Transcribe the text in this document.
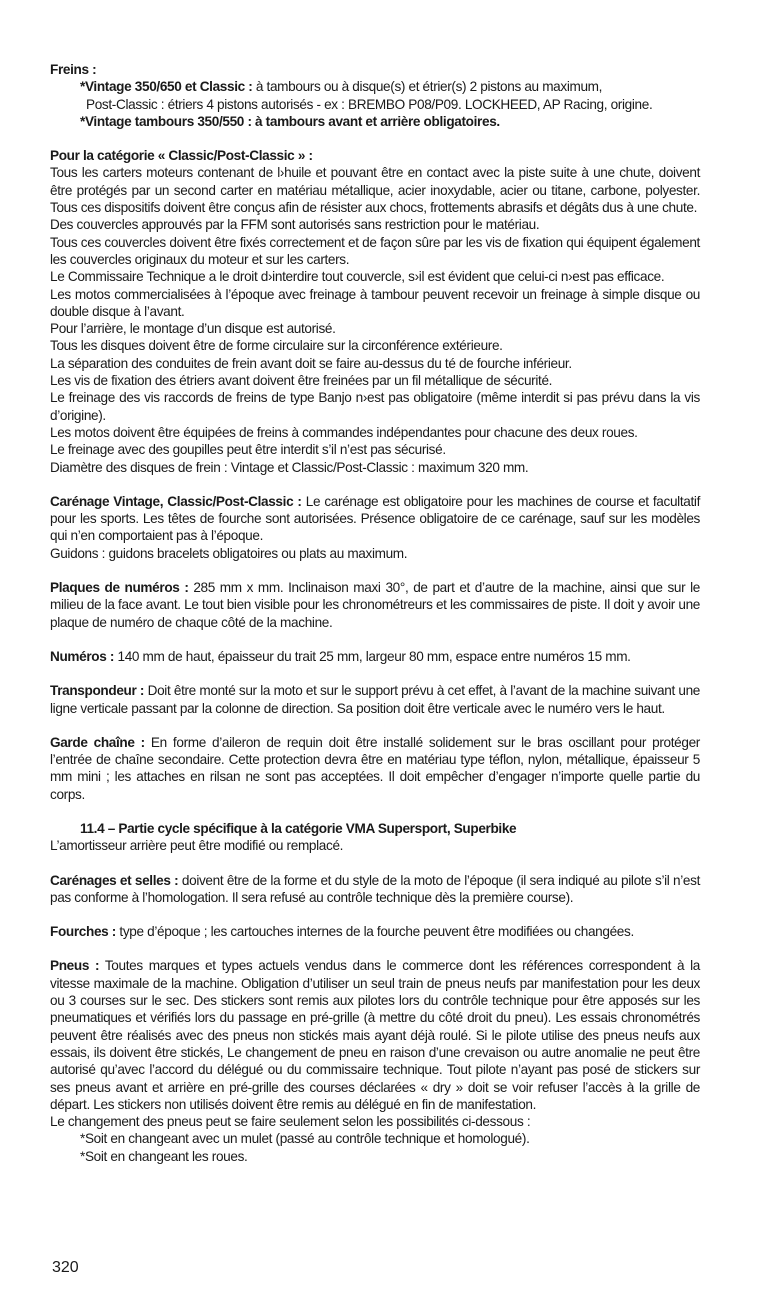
Freins :

*Vintage 350/650 et Classic : à tambours ou à disque(s) et étrier(s) 2 pistons au maximum,

Post-Classic : étriers 4 pistons autorisés - ex : BREMBO P08/P09. LOCKHEED, AP Racing, origine.

*Vintage tambours 350/550 : à tambours avant et arrière obligatoires.

Pour la catégorie « Classic/Post-Classic » :

Tous les carters moteurs contenant de l›huile et pouvant être en contact avec la piste suite à une chute, doivent être protégés par un second carter en matériau métallique, acier inoxydable, acier ou titane, carbone, polyester. Tous ces dispositifs doivent être conçus afin de résister aux chocs, frottements abrasifs et dégâts dus à une chute.

Des couvercles approuvés par la FFM sont autorisés sans restriction pour le matériau.

Tous ces couvercles doivent être fixés correctement et de façon sûre par les vis de fixation qui équipent également les couvercles originaux du moteur et sur les carters.

Le Commissaire Technique a le droit d›interdire tout couvercle, s›il est évident que celui-ci n›est pas efficace.

Les motos commercialisées à l’époque avec freinage à tambour peuvent recevoir un freinage à simple disque ou double disque à l’avant.

Pour l’arrière, le montage d’un disque est autorisé.

Tous les disques doivent être de forme circulaire sur la circonférence extérieure.

La séparation des conduites de frein avant doit se faire au-dessus du té de fourche inférieur.

Les vis de fixation des étriers avant doivent être freinées par un fil métallique de sécurité.

Le freinage des vis raccords de freins de type Banjo n›est pas obligatoire (même interdit si pas prévu dans la vis d’origine).

Les motos doivent être équipées de freins à commandes indépendantes pour chacune des deux roues.

Le freinage avec des goupilles peut être interdit s’il n’est pas sécurisé.

Diamètre des disques de frein : Vintage et Classic/Post-Classic : maximum 320 mm.

Carénage Vintage, Classic/Post-Classic : Le carénage est obligatoire pour les machines de course et facultatif pour les sports. Les têtes de fourche sont autorisées. Présence obligatoire de ce carénage, sauf sur les modèles qui n’en comportaient pas à l’époque.

Guidons : guidons bracelets obligatoires ou plats au maximum.

Plaques de numéros : 285 mm x mm. Inclinaison maxi 30°, de part et d’autre de la machine, ainsi que sur le milieu de la face avant. Le tout bien visible pour les chronométreurs et les commissaires de piste. Il doit y avoir une plaque de numéro de chaque côté de la machine.

Numéros : 140 mm de haut, épaisseur du trait 25 mm, largeur 80 mm, espace entre numéros 15 mm.

Transpondeur : Doit être monté sur la moto et sur le support prévu à cet effet, à l’avant de la machine suivant une ligne verticale passant par la colonne de direction. Sa position doit être verticale avec le numéro vers le haut.

Garde chaîne : En forme d’aileron de requin doit être installé solidement sur le bras oscillant pour protéger l’entrée de chaîne secondaire. Cette protection devra être en matériau type téflon, nylon, métallique, épaisseur 5 mm mini ; les attaches en rilsan ne sont pas acceptées. Il doit empêcher d’engager n’importe quelle partie du corps.

11.4 – Partie cycle spécifique à la catégorie VMA Supersport, Superbike

L’amortisseur arrière peut être modifié ou remplacé.

Carénages et selles : doivent être de la forme et du style de la moto de l’époque (il sera indiqué au pilote s’il n’est pas conforme à l’homologation. Il sera refusé au contrôle technique dès la première course).

Fourches : type d’époque ; les cartouches internes de la fourche peuvent être modifiées ou changées.

Pneus : Toutes marques et types actuels vendus dans le commerce dont les références correspondent à la vitesse maximale de la machine. Obligation d’utiliser un seul train de pneus neufs par manifestation pour les deux ou 3 courses sur le sec. Des stickers sont remis aux pilotes lors du contrôle technique pour être apposés sur les pneumatiques et vérifiés lors du passage en pré-grille (à mettre du côté droit du pneu). Les essais chronométrés peuvent être réalisés avec des pneus non stickés mais ayant déjà roulé. Si le pilote utilise des pneus neufs aux essais, ils doivent être stickés, Le changement de pneu en raison d’une crevaison ou autre anomalie ne peut être autorisé qu’avec l’accord du délégué ou du commissaire technique. Tout pilote n’ayant pas posé de stickers sur ses pneus avant et arrière en pré-grille des courses déclarées « dry » doit se voir refuser l’accès à la grille de départ. Les stickers non utilisés doivent être remis au délégué en fin de manifestation.

Le changement des pneus peut se faire seulement selon les possibilités ci-dessous :

*Soit en changeant avec un mulet (passé au contrôle technique et homologué).

*Soit en changeant les roues.

320
